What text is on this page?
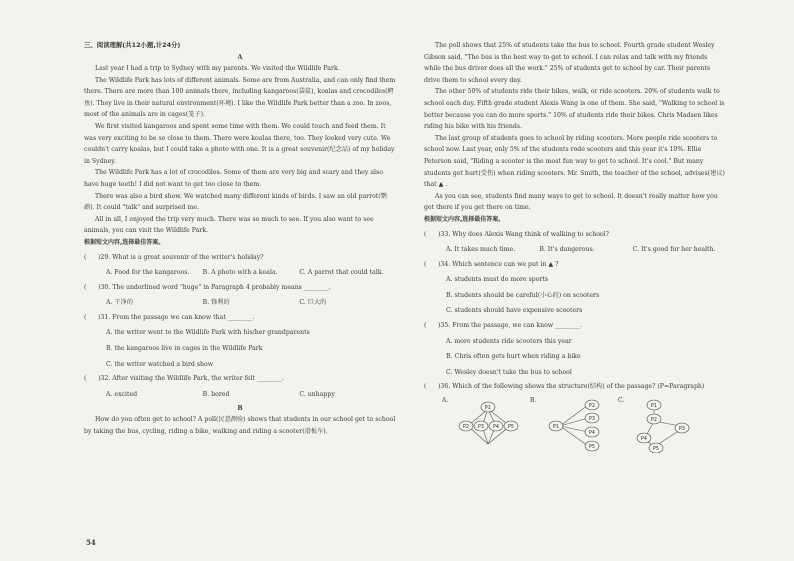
三、阅读理解(共12小题,计24分)
A

Last year I had a trip to Sydney with my parents. We visited the Wildlife Park.

The Wildlife Park has lots of different animals. Some are from Australia, and can only find them there. There are more than 100 animals there, including kangaroos(袋鼠), koalas and crocodiles(鳄鱼). They live in their natural environment(环境). I like the Wildlife Park better than a zoo. In zoos, most of the animals are in cages(笼子).

We first visited kangaroos and spent some time with them. We could touch and feed them. It was very exciting to be so close to them. There were koalas there, too. They looked very cute. We couldn't carry koalas, but I could take a photo with one. It is a great souvenir(纪念品) of my holiday in Sydney.

The Wildlife Park has a lot of crocodiles. Some of them are very big and scary and they also have huge teeth! I did not want to get too close to them.

There was also a bird show. We watched many different kinds of birds. I saw an old parrot(鹦鹉). It could "talk" and surprised me.

All in all, I enjoyed the trip very much. There was so much to see. If you also want to see animals, you can visit the Wildlife Park.

根据短文内容,选择最佳答案。

( )29. What is a great souvenir of the writer's holiday?
A. Food for the kangaroos.	B. A photo with a koala.	C. A parrot that could talk.
( )30. The underlined word "huge" in Paragraph 4 probably means ________.
A. 干净的	B. 锋利的	C. 巨大的
( )31. From the passage we can know that ________.
A. the writer went to the Wildlife Park with his/her grandparents
B. the kangaroos live in cages in the Wildlife Park
C. the writer watched a bird show
( )32. After visiting the Wildlife Park, the writer felt ________.
A. excited	B. bored	C. unhappy
B

How do you often get to school? A poll(民意测验) shows that students in our school get to school by taking the bus, cycling, riding a bike, walking and riding a scooter(滑板车).

The poll shows that 25% of students take the bus to school. Fourth grade student Wesley Gibson said, "The bus is the best way to get to school. I can relax and talk with my friends while the bus driver does all the work." 25% of students get to school by car. Their parents drive them to school every day.

The other 50% of students ride their bikes, walk, or ride scooters. 20% of students walk to school each day. Fifth grade student Alexis Wang is one of them. She said, "Walking to school is better because you can do more sports." 10% of students ride their bikes. Chris Madsen likes riding his bike with his friends.

The last group of students goes to school by riding scooters. More people ride scooters to school now. Last year, only 5% of the students rode scooters and this year it's 10%. Ellie Peterson said, "Riding a scooter is the most fun way to get to school. It's cool." But many students get hurt(受伤) when riding scooters. Mr. Smith, the teacher of the school, advises(建议) that ▲ .

As you can see, students find many ways to get to school. It doesn't really matter how you get there if you get there on time.

根据短文内容,选择最佳答案。

( )33. Why does Alexis Wang think of walking to school?
A. It takes much time.	B. It's dangerous.	C. It's good for her health.
( )34. Which sentence can we put in ▲ ?
A. students must do more sports
B. students should be careful(小心的) on scooters
C. students should have expensive scooters
( )35. From the passage, we can know ________.
A. more students ride scooters this year
B. Chris often gets hurt when riding a bike
C. Wesley doesn't take the bus to school
( )36. Which of the following shows the structure(结构) of the passage? (P=Paragraph)
A.
P1
P2 P3 P4 P5
B.
P1
P2
P3
P4
P5
C.
P1
P2
P3
P4
P5
54
